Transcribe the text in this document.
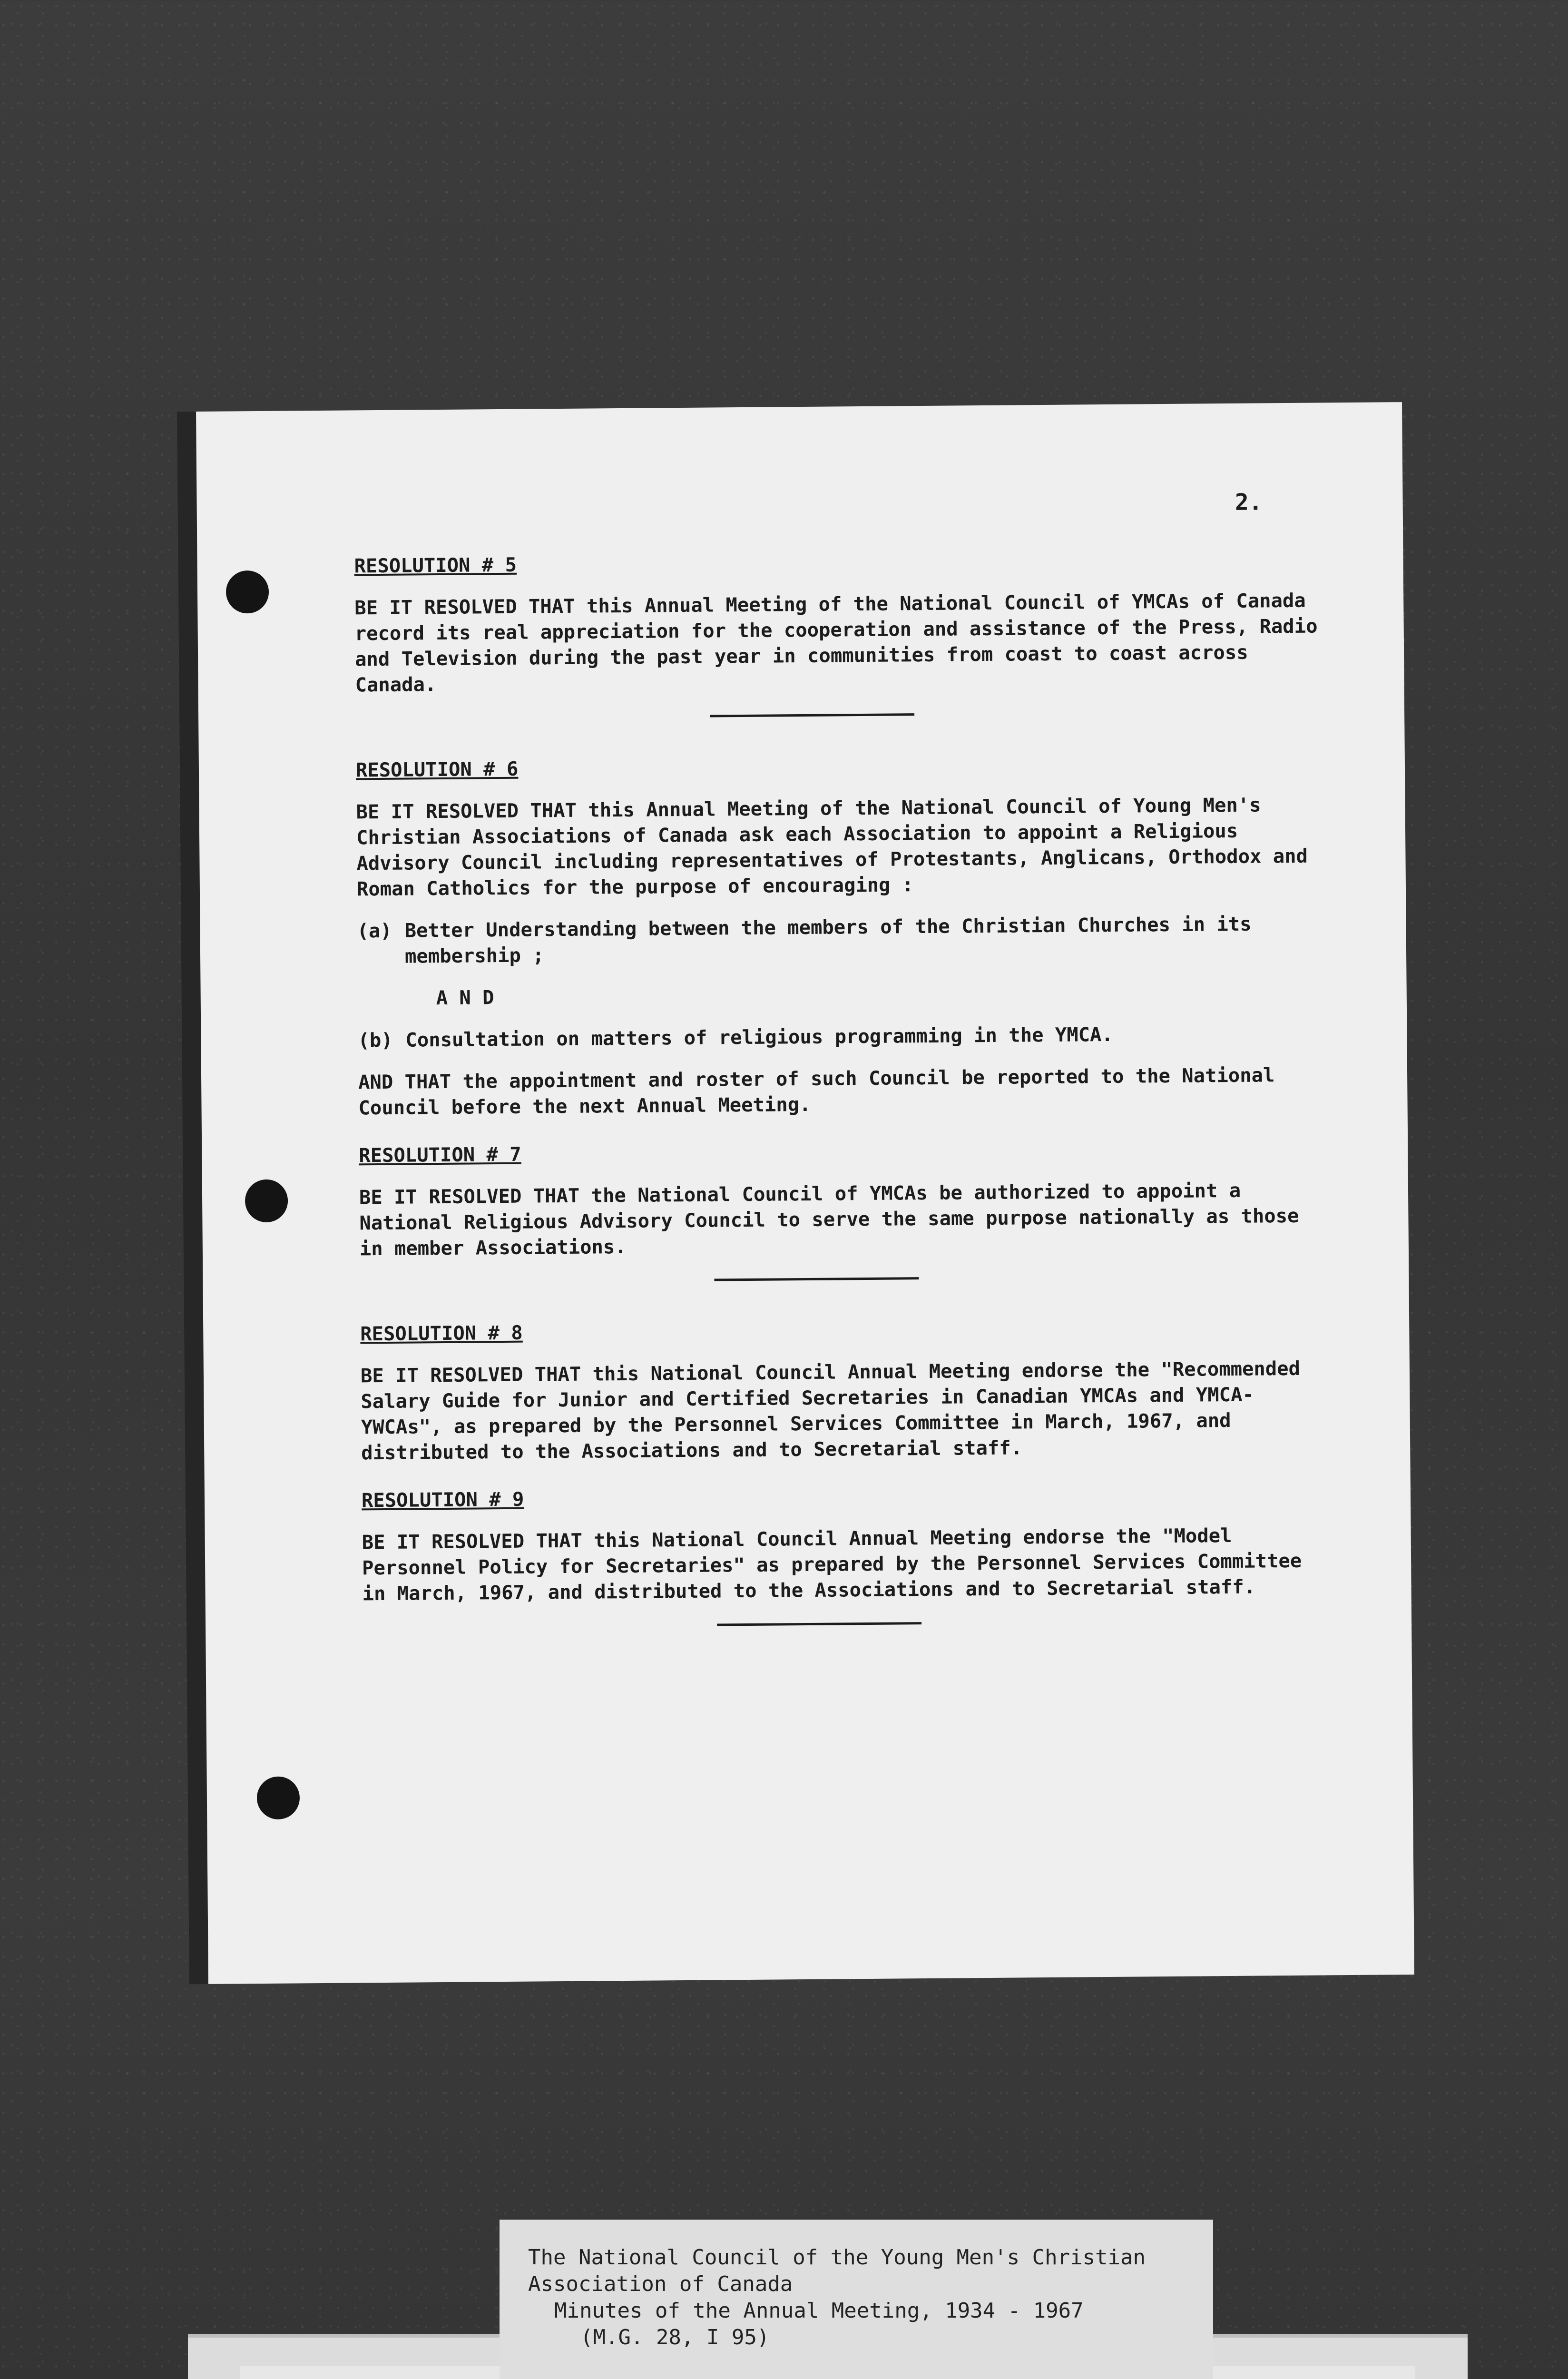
2.

RESOLUTION # 5

BE IT RESOLVED THAT this Annual Meeting of the National Council of YMCAs of Canada record its real appreciation for the cooperation and assistance of the Press, Radio and Television during the past year in communities from coast to coast across Canada.

RESOLUTION # 6

BE IT RESOLVED THAT this Annual Meeting of the National Council of Young Men's Christian Associations of Canada ask each Association to appoint a Religious Advisory Council including representatives of Protestants, Anglicans, Orthodox and Roman Catholics for the purpose of encouraging :

(a) Better Understanding between the members of the Christian Churches in its membership ;

AND

(b) Consultation on matters of religious programming in the YMCA.

AND THAT the appointment and roster of such Council be reported to the National Council before the next Annual Meeting.

RESOLUTION # 7

BE IT RESOLVED THAT the National Council of YMCAs be authorized to appoint a National Religious Advisory Council to serve the same purpose nationally as those in member Associations.

RESOLUTION # 8

BE IT RESOLVED THAT this National Council Annual Meeting endorse the "Recommended Salary Guide for Junior and Certified Secretaries in Canadian YMCAs and YMCA-YWCAs", as prepared by the Personnel Services Committee in March, 1967, and distributed to the Associations and to Secretarial staff.

RESOLUTION # 9

BE IT RESOLVED THAT this National Council Annual Meeting endorse the "Model Personnel Policy for Secretaries" as prepared by the Personnel Services Committee in March, 1967, and distributed to the Associations and to Secretarial staff.

The National Council of the Young Men's Christian
Association of Canada
Minutes of the Annual Meeting, 1934 - 1967
(M.G. 28, I 95)
